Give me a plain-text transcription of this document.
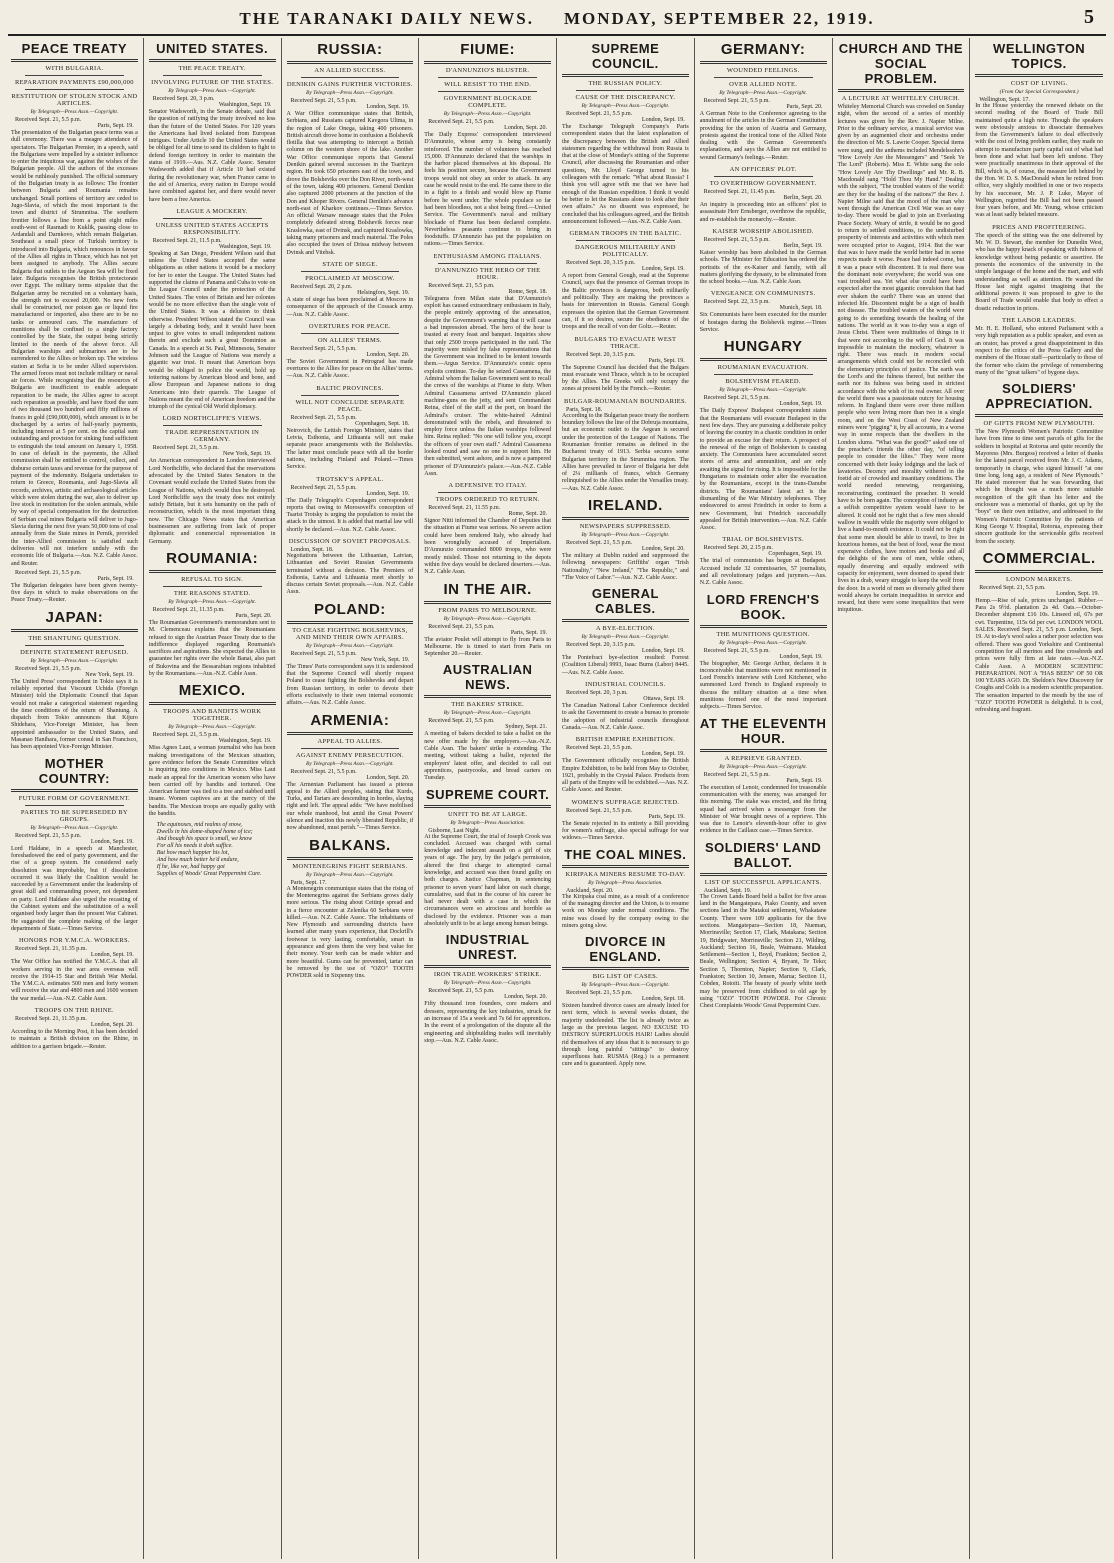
THE TARANAKI DAILY NEWS. MONDAY, SEPTEMBER 22, 1919.	5
PEACE TREATY
WITH BULGARIA.
REPARATION PAYMENTS £90,000,000
RESTITUTION OF STOLEN STOCK AND ARTICLES.
By Telegraph—Press Assn.—Copyright.
Received Sept. 21, 5.5 p.m.
Paris, Sept. 19.

The presentation of the Bulgarian peace terms was a dull ceremony. There was a meagre attendance of spectators. The Bulgarian Premier, in a speech, said the Bulgarians were impelled by a sinister influence to enter the iniquitous war, against the wishes of the Bulgarian people. All the authors of the excesses would be ruthlessly punished. The official summary of the Bulgarian treaty is as follows: The frontier between Bulgaria and Roumania remains unchanged. Small portions of territory are ceded to Jugo-Slavia, of which the most important is the town and district of Strumnitsa. The southern frontier follows a line from a point eight miles south-west of Rasmadi to Kuklik, passing close to Ardandali and Darnkovo, which remain Bulgarian. Southeast a small piece of Turkish territory is introduced into Bulgaria, which renounces in favour of the Allies all rights in Thrace, which has not yet been assigned to anybody. The Allies secure Bulgaria that outlets to the Aegean Sea will be fixed later. Bulgaria recognises the British protectorate over Egypt. The military terms stipulate that the Bulgarian army be recruited on a voluntary basis, the strength not to exceed 20,000. No new forts shall be constructed, nor poison gas or liquid fire manufactured or imported, also there are to be no tanks or armoured cars. The manufacture of munitions shall be confined to a single factory controlled by the State, the output being strictly limited to the needs of the above force. All Bulgarian warships and submarines are to be surrendered to the Allies or broken up. The wireless station at Sofia is to be under Allied supervision. The armed forces must not include military or naval air forces. While recognising that the resources of Bulgaria are insufficient to enable adequate reparation to be made, the Allies agree to accept such reparation as possible, and have fixed the sum of two thousand two hundred and fifty millions of francs in gold (£90,000,000), which amount is to be discharged by a series of half-yearly payments, including interest at 5 per cent. on the capital sum outstanding and provision for sinking fund sufficient to extinguish the total amount on January 1, 1958. In case of default in the payments, the Allied commission shall be entitled to control, collect, and disburse certain taxes and revenue for the purpose of payment of the indemnity. Bulgaria undertakes to return to Greece, Roumania, and Jugo-Slavia all records, archives, artistic and archaeological articles which were stolen during the war, also to deliver up live stock in restitution for the stolen animals, while by way of special compensation for the destruction of Serbian coal mines Bulgaria will deliver to Jugo-Slavia during the next five years 50,000 tons of coal annually from the State mines in Pernik, provided the inter-Allied commission is satisfied such deliveries will not interfere unduly with the economic life of Bulgaria.—Aus. N.Z. Cable Assoc. and Reuter.

Received Sept. 21, 5.5 p.m.
Paris, Sept. 19.

The Bulgarian delegates have been given twenty-five days in which to make observations on the Peace Treaty.—Reuter.

JAPAN:
THE SHANTUNG QUESTION.
DEFINITE STATEMENT REFUSED.
By Telegraph—Press Assn.—Copyright.
Received Sept. 21, 5.5 p.m.
New York, Sept. 19.

The United Press' correspondent in Tokio says it is reliably reported that Viscount Uchida (Foreign Minister) told the Diplomatic Council that Japan would not make a categorical statement regarding the time conditions of the return of Shantung. A dispatch from Tokio announces that Kijuro Shidehara, Vice-Foreign Minister, has been appointed ambassador to the United States, and Masanao Hanihara, former consul in San Francisco, has been appointed Vice-Foreign Minister.

MOTHER COUNTRY:
FUTURE FORM OF GOVERNMENT.
PARTIES TO BE SUPERSEDED BY GROUPS.
By Telegraph—Press Assn.—Copyright.
Received Sept. 21, 5.5 p.m.
London, Sept. 19.

Lord Haldane, in a speech at Manchester, foreshadowed the end of party government, and the rise of a group system. He considered early dissolution was improbable, but if dissolution occurred it was likely the Coalition would be succeeded by a Government under the leadership of great skill and commanding power, not dependent on party. Lord Haldane also urged the recasting of the Cabinet system and the substitution of a well organised body larger than the present War Cabinet. He suggested the complete making of the larger departments of State.—Times Service.

HONORS FOR Y.M.C.A. WORKERS.
Received Sept. 21, 11.35 p.m.
London, Sept. 19.

The War Office has notified the Y.M.C.A. that all workers serving in the war area overseas will receive the 1914-15 Star and British War Medal. The Y.M.C.A. estimates 500 men and forty women will receive the star and 4800 men and 1600 women the war medal.—Aus.-N.Z. Cable Assn.

TROOPS ON THE RHINE.
Received Sept. 21, 11.35 p.m.
London, Sept. 20.

According to the Morning Post, it has been decided to maintain a British division on the Rhine, in addition to a garrison brigade.—Reuter.

UNITED STATES.
THE PEACE TREATY.
INVOLVING FUTURE OF THE STATES.
By Telegraph—Press Assn.—Copyright.
Received Sept. 20, 3 p.m.
Washington, Sept. 19.

Senator Wadsworth, in the Senate debate, said that the question of ratifying the treaty involved no less than the future of the United States. For 120 years the Americans had lived isolated from European intrigues. Under Article 10 the United States would be obliged for all time to send its children to fight to defend foreign territory in order to maintain the status of 1919.—Aus. N.Z. Cable Assoc. Senator Wadsworth added that if Article 10 had existed during the revolutionary war, when France came to the aid of America, every nation in Europe would have combined against her, and there would never have been a free America.

LEAGUE A MOCKERY.
UNLESS UNITED STATES ACCEPTS RESPONSIBILITY.
Received Sept. 21, 11.5 p.m.
Washington, Sept. 19.

Speaking at San Diego, President Wilson said that unless the United States accepted the same obligations as other nations it would be a mockery for her to enter the League. The United States had supported the claims of Panama and Cuba to vote on the League Council under the protection of the United States. The votes of Britain and her colonies would be no more effective than the single vote of the United States. It was a delusion to think otherwise. President Wilson stated the Council was largely a debating body, and it would have been unjust to give votes to small independent nations therein and exclude such a great Dominion as Canada. In a speech at St. Paul, Minnesota, Senator Johnson said the League of Nations was merely a gigantic war trust. It meant that American boys would be obliged to police the world, hold up tottering nations by American blood and bone, and allow European and Japanese nations to drag Americans into their quarrels. The League of Nations meant the end of American freedom and the triumph of the cynical Old World diplomacy.

LORD NORTHCLIFFE'S VIEWS.
TRADE REPRESENTATION IN GERMANY.
Received Sept. 21, 5.5 p.m.
New York, Sept. 19.

An American correspondent in London interviewed Lord Northcliffe, who declared that the reservations advocated by the United States Senators in the Covenant would exclude the United States from the League of Nations, which would thus be destroyed. Lord Northcliffe says the treaty does not entirely satisfy Britain, but it sets humanity on the path of reconstruction, which is the most important thing now. The Chicago News states that American businessmen are suffering from lack of proper diplomatic and commercial representation in Germany.

ROUMANIA:
REFUSAL TO SIGN.
THE REASONS STATED.
By Telegraph—Press Assn.—Copyright.
Received Sept. 21, 11.35 p.m.
Paris, Sept. 20.

The Roumanian Government's memorandum sent to M. Clemenceau explains that the Roumanians refused to sign the Austrian Peace Treaty due to the indifference displayed regarding Roumania's sacrifices and aspirations. She expected the Allies to guarantee her rights over the whole Banat, also part of Bukovina and the Bessarabian regions inhabited by the Roumanians.—Aus.-N.Z. Cable Assn.

MEXICO.
TROOPS AND BANDITS WORK TOGETHER.
By Telegraph—Press Assn.—Copyright.
Received Sept. 21, 5.5 p.m.
Washington, Sept. 19.

Miss Agnes Laut, a woman journalist who has been making investigations of the Mexican situation, gave evidence before the Senate Committee which is inquiring into conditions in Mexico. Miss Laut made an appeal for the American women who have been carried off by bandits and tortured. One American farmer was tied to a tree and stabbed until insane. Women captives are at the mercy of the bandits. The Mexican troops are equally guilty with the bandits.

The equinoxes, mid realms of snow,
Dwells in his dome-shaped home of ice;
And though his space is small, we know
For all his needs it doth suffice.
But how much happier his lot,
And how much better he'd endure,
If he, like we, had happy got
Supplies of Woods' Great Peppermint Cure.
RUSSIA:
AN ALLIED SUCCESS.
DENIKIN GAINS FURTHER VICTORIES.
By Telegraph—Press Assn.—Copyright.
Received Sept. 21, 5.5 p.m.
London, Sept. 19.

A War Office communique states that British, Serbians, and Russians captured Kavgora Ulima, in the region of Lake Onega, taking 400 prisoners. British aircraft drove home in confusion a Bolshevik flotilla that was attempting to intercept a British column on the western shore of the lake. Another War Office communique reports that General Denikin gained several successes in the Tsaritzyn region. He took 650 prisoners east of the town, and drove the Bolsheviks over the Don River, north-west of the town, taking 400 prisoners. General Denikin also captured 2000 prisoners at the junction of the Don and Khoper Rivers. General Denikin's advance north-east of Kharkov continues.—Times Service. An official Warsaw message states that the Poles completely defeated strong Bolshevik forces near Kraslowka, east of Dvinsk, and captured Kraslowka, taking many prisoners and much material. The Poles also occupied the town of Drissa midway between Dvinsk and Vitebsk.

STATE OF SIEGE.
PROCLAIMED AT MOSCOW.
Received Sept. 20, 2 p.m.
Helsingfors, Sept. 19.

A state of siege has been proclaimed at Moscow in consequence of the approach of the Cossack army.—Aus. N.Z. Cable Assoc.

OVERTURES FOR PEACE.
ON ALLIES' TERMS.
Received Sept. 21, 5.5 p.m.
London, Sept. 20.

The Soviet Government in Petrograd has made overtures to the Allies for peace on the Allies' terms.—Aus. N.Z. Cable Assoc.

BALTIC PROVINCES.
WILL NOT CONCLUDE SEPARATE PEACE.
Received Sept. 21, 5.5 p.m.
Copenhagen, Sept. 18.

Neirovich, the Lettish Foreign Minister, states that Letvia, Esthonia, and Lithuania will not make separate peace arrangements with the Bolsheviks. The latter must conclude peace with all the border nations, including Finland and Poland.—Times Service.

TROTSKY'S APPEAL.
Received Sept. 21, 5.5 p.m.
London, Sept. 19.

The Daily Telegraph's Copenhagen correspondent reports that owing to Morosoveff's conception of Tsarist Trotsky is urging the population to resist the attack to the utmost. It is added that martial law will shortly be declared.—Aus. N.Z. Cable Assoc.

DISCUSSION OF SOVIET PROPOSALS.
London, Sept. 18.

Negotiations between the Lithuanian, Latvian, Lithuanian and Soviet Russian Governments terminated without a decision. The Premiers of Esthonia, Latvia and Lithuania meet shortly to discuss certain Soviet proposals.—Aus. N.Z. Cable Assn.

POLAND:
TO CEASE FIGHTING BOLSHEVIKS, AND MIND THEIR OWN AFFAIRS.
By Telegraph—Press Assn.—Copyright.
Received Sept. 21, 5.5 p.m.
New York, Sept. 19.

The Times' Paris correspondent says it is understood that the Supreme Council will shortly request Poland to cease fighting the Bolsheviks and depart from Russian territory, in order to devote their efforts exclusively to their own internal economic affairs.—Aus. N.Z. Cable Assoc.

ARMENIA:
APPEAL TO ALLIES.
AGAINST ENEMY PERSECUTION.
By Telegraph—Press Assn.—Copyright.
Received Sept. 21, 5.5 p.m.
London, Sept. 20.

The Armenian Parliament has issued a piteous appeal to the Allied peoples, stating that Kurds, Turks, and Tartars are descending in hordes, slaying right and left. The appeal adds: "We have mobilised our whole manhood, but amid the Great Powers' silence and inaction this newly liberated Republic, if now abandoned, must perish."—Times Service.

BALKANS.
MONTENEGRINS FIGHT SERBIANS.
By Telegraph—Press Assn.—Copyright.
Paris, Sept. 17.

A Montenegrin communique states that the rising of the Montenegrins against the Serbians grows daily more serious. The rising about Cettinje spread and in a fierce encounter at Zelenika 60 Serbians were killed.—Aus. N.Z. Cable Assoc. The inhabitants of New Plymouth and surrounding districts have learned after many years experience, that Dockrill's footwear is very lasting, comfortable, smart in appearance and gives them the very best value for their money. Your teeth can be made whiter and more beautiful. Gums can be prevented, tartar can be removed by the use of "OZO" TOOTH POWDER sold in Sixpenny tins.

FIUME:
D'ANNUNZIO'S BLUSTER.
WILL RESIST TO THE END.
GOVERNMENT BLOCKADE COMPLETE.
By Telegraph—Press Assn.—Copyright.
Received Sept. 21, 5.5 p.m.
London, Sept. 20.

The Daily Express' correspondent interviewed D'Annunzio, whose army is being constantly reinforced. The number of volunteers has reached 15,000. D'Annunzio declared that the warships in the harbor placed themselves at his disposal. He feels his position secure, because the Government troops would not obey an order to attack. In any case he would resist to the end. He came there to die in a fight to a finish and would blow up Fiume before he went under. The whole populace so far had been bloodless, not a shot being fired.—United Service. The Government's naval and military blockade of Fiume has been declared complete. Nevertheless peasants continue to bring in foodstuffs. D'Annunzio has put the population on rations.—Times Service.

ENTHUSIASM AMONG ITALIANS.
D'ANNUNZIO THE HERO OF THE HOUR.
Received Sept. 21, 5.5 p.m.
Rome, Sept. 18.

Telegrams from Milan state that D'Annunzio's exploit has caused extraordinary enthusiasm in Italy, the people entirely approving of the annexation, despite the Government's warning that it will cause a bad impression abroad. The hero of the hour is toasted at every feast and banquet. Inquiries show that only 2500 troops participated in the raid. The majority were misled by false representations that the Government was inclined to be lenient towards them.—Argus Service. D'Annunzio's comic opera exploits continue. To-day he seized Cassamena, the Admiral whom the Italian Government sent to recall the crews of the warships at Fiume to duty. When Admiral Cassamena arrived D'Annunzio placed machine-guns on the jetty, and sent Commandant Reina, chief of the staff at the port, on board the Admiral's cruiser. The white-haired Admiral demonstrated with the rebels, and threatened to employ force unless the Italian warships followed him. Reina replied: "No one will follow you, except the officers of your own staff." Admiral Cassamena looked round and saw no one to support him. He then submitted, went ashore, and is now a pampered prisoner of D'Annunzio's palace.—Aus.-N.Z. Cable Assn.

A DEFENSIVE TO ITALY.
TROOPS ORDERED TO RETURN.
Received Sept. 21, 11.55 p.m.
Rome, Sept. 20.

Signor Nitti informed the Chamber of Deputies that the situation at Fiume was serious. No severe action could have been rendered Italy, who already had been wrongfully accused of Imperialism. D'Annunzio commanded 8000 troops, who were mostly misled. Those not returning to the depots within five days would be declared deserters.—Aus. N.Z. Cable Assn.

IN THE AIR.
FROM PARIS TO MELBOURNE.
By Telegraph—Press Assn.—Copyright.
Received Sept. 21, 5.5 p.m.
Paris, Sept. 19.

The aviator Poulet will attempt to fly from Paris to Melbourne. He is timed to start from Paris on September 20.—Reuter.

AUSTRALIAN NEWS.
THE BAKERS' STRIKE.
By Telegraph—Press Assn.—Copyright.
Received Sept. 21, 5.5 p.m.
Sydney, Sept. 21.

A meeting of bakers decided to take a ballot on the new offer made by the employers.—Aus.-N.Z. Cable Assn. The bakers' strike is extending. The meeting, without taking a ballot, rejected the employers' latest offer, and decided to call out apprentices, pastrycooks, and bread carters on Tuesday.

SUPREME COURT.
UNFIT TO BE AT LARGE.
By Telegraph—Press Association.
Gisborne, Last Night.

At the Supreme Court, the trial of Joseph Crook was concluded. Accused was charged with carnal knowledge and indecent assault on a girl of six years of age. The jury, by the judge's permission, altered the first charge to attempted carnal knowledge, and accused was then found guilty on both charges. Justice Chapman, in sentencing prisoner to seven years' hard labor on each charge, cumulative, said that in the course of his career he had never dealt with a case in which the circumstances were so atrocious and horrible as disclosed by the evidence. Prisoner was a man absolutely unfit to be at large among human beings.

INDUSTRIAL UNREST.
IRON TRADE WORKERS' STRIKE.
By Telegraph—Press Assn.—Copyright.
Received Sept. 21, 5.5 p.m.
London, Sept. 20.

Fifty thousand iron founders, core makers and dressers, representing the key industries, struck for an increase of 15s a week and 7s 6d for apprentices. In the event of a prolongation of the dispute all the engineering and shipbuilding trades will inevitably stop.—Aus. N.Z. Cable Assoc.

SUPREME COUNCIL.
THE RUSSIAN POLICY.
CAUSE OF THE DISCREPANCY.
By Telegraph—Press Assn.—Copyright.
Received Sept. 21, 5.5 p.m.
London, Sept. 19.

The Exchange Telegraph Company's Paris correspondent states that the latest explanation of the discrepancy between the British and Allied statesmen regarding the withdrawal from Russia is that at the close of Monday's sitting of the Supreme Council, after discussing the Roumanian and other questions, Mr. Lloyd George turned to his colleagues with the remark: "What about Russia? I think you will agree with me that we have had enough of the Russian expedition. I think it would be better to let the Russians alone to look after their own affairs." As no dissent was expressed, he concluded that his colleagues agreed, and the British announcement followed.—Aus.-N.Z. Cable Assn.

GERMAN TROOPS IN THE BALTIC.
DANGEROUS MILITARILY AND POLITICALLY.
Received Sept. 20, 3.15 p.m.
London, Sept. 19.

A report from General Gough, read at the Supreme Council, says that the presence of German troops in the Baltic provinces is dangerous, both militarily and politically. They are making the provinces a basis for intervention in Russia. General Gough expresses the opinion that the German Government can, if it so desires, secure the obedience of the troops and the recall of von der Goltz.—Reuter.

BULGARS TO EVACUATE WEST THRACE.
Received Sept. 20, 3.15 p.m.
Paris, Sept. 19.

The Supreme Council has decided that the Bulgars must evacuate west Thrace, which is to be occupied by the Allies. The Greeks will only occupy the zones at present held by the French.—Reuter.

BULGAR-ROUMANIAN BOUNDARIES.
Paris, Sept. 18.

According to the Bulgarian peace treaty the northern boundary follows the line of the Dobruja mountains, but an economic outlet to the Aegean is secured under the protection of the League of Nations. The Roumanian frontier remains as defined in the Bucharest treaty of 1913. Serbia secures some Bulgarian territory in the Strumnitsa region. The Allies have prevailed in favor of Bulgaria her debt of 2¼ milliards of francs, which Germany relinquished to the Allies under the Versailles treaty.—Aus. N.Z. Cable Assoc.

IRELAND.
NEWSPAPERS SUPPRESSED.
By Telegraph—Press Assn.—Copyright.
Received Sept. 21, 5.5 p.m.
London, Sept. 20.

The military at Dublin raided and suppressed the following newspapers: Griffiths' organ "Irish Nationality," "New Ireland," "The Republic," and "The Voice of Labor."—Aus. N.Z. Cable Assoc.

GENERAL CABLES.
A BYE-ELECTION.
By Telegraph—Press Assn.—Copyright.
Received Sept. 20, 3.15 p.m.
London, Sept. 19.

The Pontefract bye-election resulted: Forrest (Coalition Liberal) 9993, Isaac Burns (Labor) 8445.—Aus. N.Z. Cable Assoc.

INDUSTRIAL COUNCILS.
Received Sept. 20, 3 p.m.
Ottawa, Sept. 19.

The Canadian National Labor Conference decided to ask the Government to create a bureau to promote the adoption of industrial councils throughout Canada.—Aus. N.Z. Cable Assoc.

BRITISH EMPIRE EXHIBITION.
Received Sept. 21, 5.5 p.m.
London, Sept. 19.

The Government officially recognises the British Empire Exhibition, to be held from May to October, 1921, probably in the Crystal Palace. Products from all parts of the Empire will be exhibited.—Aus. N.Z. Cable Assoc. and Reuter.

WOMEN'S SUFFRAGE REJECTED.
Received Sept. 21, 5.5 p.m.
Paris, Sept. 19.

The Senate rejected in its entirety a Bill providing for women's suffrage, also special suffrage for war widows.—Times Service.

THE COAL MINES.
KIRIPAKA MINERS RESUME TO-DAY.
By Telegraph—Press Association.
Auckland, Sept. 20.

The Kiripaka coal mine, as a result of a conference of the managing director and the Union, is to resume work on Monday under normal conditions. The mine was closed by the company owing to the miners going slow.

DIVORCE IN ENGLAND.
BIG LIST OF CASES.
By Telegraph—Press Assn.—Copyright.
Received Sept. 21, 5.5 p.m.
London, Sept. 18.

Sixteen hundred divorce cases are already listed for next term, which is several weeks distant, the majority undefended. The list is already twice as large as the previous largest. NO EXCUSE TO DESTROY SUPERFLUOUS HAIR! Ladies should rid themselves of any ideas that it is necessary to go through long painful "sittings" to destroy superfluous hair. RUSMA (Reg.) is a permanent cure and is guaranteed. Apply now.

GERMANY:
WOUNDED FEELINGS.
OVER ALLIED NOTE.
By Telegraph—Press Assn.—Copyright.
Received Sept. 21, 5.5 p.m.
Paris, Sept. 20.

A German Note to the Conference agreeing to the annulment of the articles in the German Constitution providing for the union of Austria and Germany, protests against the ironical tone of the Allied Note dealing with the German Government's explanations, and says the Allies are not entitled to wound Germany's feelings.—Reuter.

AN OFFICERS' PLOT.
TO OVERTHROW GOVERNMENT.
Received Sept. 21, 11.45 p.m.
Berlin, Sept. 20.

An inquiry is proceeding into an officers' plot to assassinate Herr Ernsberger, overthrow the republic, and re-establish the monarchy.—Reuter.

KAISER WORSHIP ABOLISHED.
Received Sept. 21, 5.5 p.m.
Berlin, Sept. 19.

Kaiser worship has been abolished in the German schools. The Minister for Education has ordered the portraits of the ex-Kaiser and family, with all matters glorifying the dynasty, to be eliminated from the school books.—Aus. N.Z. Cable Assn.

VENGEANCE ON COMMUNISTS.
Received Sept. 22, 3.5 p.m.
Munich, Sept. 18.

Six Communists have been executed for the murder of hostages during the Bolshevik regime.—Times Service.

HUNGARY
ROUMANIAN EVACUATION.
BOLSHEVISM FEARED.
By Telegraph—Press Assn.—Copyright.
Received Sept. 21, 5.5 p.m.
London, Sept. 19.

The Daily Express' Budapest correspondent states that the Roumanians will evacuate Budapest in the next few days. They are pursuing a deliberate policy of leaving the country in a chaotic condition in order to provide an excuse for their return. A prospect of the renewal of the reign of Bolshevism is causing anxiety. The Communists have accumulated secret stores of arms and ammunition, and are only awaiting the signal for rising. It is impossible for the Hungarians to maintain order after the evacuation by the Roumanians, except in the trans-Danube districts. The Roumanians' latest act is the dismantling of the War Ministry telephones. They endeavored to arrest Friedrich in order to form a new Government, but Friedrich successfully appealed for British intervention.—Aus. N.Z. Cable Assoc.

TRIAL OF BOLSHEVISTS.
Received Sept. 20, 2.15 p.m.
Copenhagen, Sept. 19.

The trial of communists has begun at Budapest. Accused include 32 commissaries, 57 journalists, and all revolutionary judges and jurymen.—Aus. N.Z. Cable Assoc.

LORD FRENCH'S BOOK.
THE MUNITIONS QUESTION.
By Telegraph—Press Assn.—Copyright.
Received Sept. 21, 5.5 p.m.
London, Sept. 19.

The biographer, Mr. George Arthur, declares it is inconceivable that munitions were not mentioned in Lord French's interview with Lord Kitchener, who summoned Lord French to England expressly to discuss the military situation at a time when munitions formed one of the most important subjects.—Times Service.

AT THE ELEVENTH HOUR.
A REPRIEVE GRANTED.
By Telegraph—Press Assn.—Copyright.
Received Sept. 21, 5.5 p.m.
Paris, Sept. 19.

The execution of Lenoir, condemned for treasonable communication with the enemy, was arranged for this morning. The stake was erected, and the firing squad had arrived when a messenger from the Minister of War brought news of a reprieve. This was due to Lenoir's eleventh-hour offer to give evidence in the Caillaux case.—Times Service.

SOLDIERS' LAND BALLOT.
LIST OF SUCCESSFUL APPLICANTS.
Auckland, Sept. 19.

The Crown Lands Board held a ballot for five areas land in the Mangatepara, Piako County, and seven sections land in the Matakui settlement, Whakatane County. There were 109 applicants for the five sections. Mangatepara—Section 18, Nueman, Morrinsville; Section 17, Clark, Matakana; Section 19, Bridgwater, Morrinsville; Section 21, Wilding, Auckland; Section 16, Beale, Waimanu. Matakui Settlement—Section 1, Boyd, Frankton; Section 2, Beale, Wellington; Section 4, Bryant, Te Teko; Section 5, Thornton, Napier; Section 9, Clark, Frankston; Section 10, Jensen, Marua; Section 11, Cobden, Rotoiti. The beauty of pearly white teeth may be preserved from childhood to old age by using "OZO" TOOTH POWDER. For Chronic Chest Complaints Woods' Great Peppermint Cure.

CHURCH AND THE SOCIAL PROBLEM.
A LECTURE AT WHITELEY CHURCH.

Whiteley Memorial Church was crowded on Sunday night, when the second of a series of monthly lectures was given by the Rev. J. Napier Milne. Prior to the ordinary service, a musical service was given by an augmented choir and orchestra under the direction of Mr. S. Lawrie Cooper. Special items were sung, and the anthems included Mendelssohn's "How Lovely Are the Messengers" and "Seek Ye The Lord" (Roberts). Miss E. White sang the solo "How Lovely Are Thy Dwellings" and Mr. R. B. Macdonald sang "Hold Thou My Hand." Dealing with the subject, "The troubled waters of the world: are they for the healing of the nations?" the Rev. J. Napier Milne said that the mood of the man who went through the American Civil War was so easy to-day. There would be glad to join an Everlasting Peace Society. Weary of strife, it would be no good to return to settled conditions, to the undisturbed prosperity of interests and activities with which men were occupied prior to August, 1914. But the war that was to have made the world better had in some respects made it worse. Peace had indeed come, but it was a peace with discontent. It is real there was the dominant note everywhere; the world was one vast troubled sea. Yet what else could have been expected after the most gigantic convulsion that had ever shaken the earth? There was an unrest that infected life. Discontent might be a sign of health not disease. The troubled waters of the world were going to do something towards the healing of the nations. The world as it was to-day was a sign of Jesus Christ. There were multitudes of things in it that were not according to the will of God. It was impossible to maintain the mockery, whatever is right. There was much in modern social arrangements which could not be reconciled with the elementary principles of justice. The earth was the Lord's and the fulness thereof, but neither the earth nor its fulness was being used in strictest accordance with the wish of its real owner. All over the world there was a passionate outcry for housing reform. In England there were over three million people who were living more than two in a single room, and on the West Coast of New Zealand miners were "pigging" it, by all accounts, in a worse way in some respects than the dwellers in the London slums. "What was the good?" asked one of the preacher's friends the other day, "of telling people to consider the lilies." They were more concerned with their leaky lodgings and the lack of lavatories. Decency and morality withered in the foetid air of crowded and insanitary conditions. The world needed renewing, reorganising, reconstructing, continued the preacher. It would have to be born again. The conception of industry as a selfish competitive system would have to be altered. It could not be right that a few men should wallow in wealth while the majority were obliged to live a hand-to-mouth existence. It could not be right that some men should be able to travel, to live in luxurious homes, eat the best of food, wear the most expensive clothes, have motors and books and all the delights of the sons of men, while others, equally deserving and equally endowed with capacity for enjoyment, were doomed to spend their lives in a drab, weary struggle to keep the wolf from the door. In a world of men so diversely gifted there would always be certain inequalities in service and reward, but there were some inequalities that were iniquitous.

WELLINGTON TOPICS.
COST OF LIVING.
(From Our Special Correspondent.)
Wellington, Sept. 17.

In the House yesterday the renewed debate on the second reading of the Board of Trade Bill maintained quite a high note. Though the speakers were obviously anxious to dissociate themselves from the Government's failure to deal effectively with the cost of living problem earlier, they made no attempt to manufacture party capital out of what had been done and what had been left undone. They were practically unanimous in their approval of the Bill, which is, of course, the measure left behind by the Hon. W. D. S. MacDonald when he retired from office, very slightly modified in one or two respects by his successor, Mr. J. P. Luke, Mayor of Wellington, regretted the Bill had not been passed four years before, and Mr. Young, whose criticism was at least sadly belated measure.

PRICES AND PROFITEERING.

The speech of the sitting was the one delivered by Mr. W. D. Stewart, the member for Dunedin West, who has the happy knack of speaking with fulness of knowledge without being pedantic or assertive. He presents the economics of the university in the simple language of the home and the mart, and with understanding as well as attention. He warned the House last night against imagining that the additional powers it was proposed to give to the Board of Trade would enable that body to effect a drastic reduction in prices.

THE LABOR LEADERS.

Mr. H. E. Holland, who entered Parliament with a very high reputation as a public speaker, and even as an orator, has proved a great disappointment in this respect to the critics of the Press Gallery and the members of the House staff—particularly to those of the former who claim the privilege of remembering many of the "great talkers" of bygone days.

SOLDIERS' APPRECIATION.
OF GIFTS FROM NEW PLYMOUTH.

The New Plymouth Women's Patriotic Committee have from time to time sent parcels of gifts for the soldiers in hospital at Rotorua and quite recently the Mayoress (Mrs. Burgess) received a letter of thanks for the latest parcel received from Mr. J. C. Adams, temporarily in charge, who signed himself "at one time long, long ago, a resident of New Plymouth." He stated moreover that he was forwarding that which he thought was a much more suitable recognition of the gift than his letter and the enclosure was a memorial of thanks, got up by the "boys" on their own initiative, and addressed to the Women's Patriotic Committee by the patients of King George V. Hospital, Rotorua, expressing their sincere gratitude for the serviceable gifts received from the society.

COMMERCIAL.
LONDON MARKETS.
Received Sept. 21, 5.5 p.m.
London, Sept. 19.

Hemp.—Rise of sale, prices unchanged. Rubber.—Para 2s 9½d. plantation 2s 4d. Oats.—October-December shipment £16 10s. Linseed oil, 67s per cwt. Turpentine, 115s 6d per cwt. LONDON WOOL SALES. Received Sept. 21, 5.5 p.m. London, Sept. 19. At to-day's wool sales a rather poor selection was offered. There was good Yorkshire and Continental competition for all merinos and fine crossbreds and prices were fully firm at late rates.—Aus.-N.Z. Cable Assn. A MODERN SCIENTIFIC PREPARATION. NOT A "HAS BEEN" OF 50 OR 100 YEARS AGO. Dr. Sheldon's New Discovery for Coughs and Colds is a modern scientific preparation. The sensation imparted to the mouth by the use of "OZO" TOOTH POWDER is delightful. It is cool, refreshing and fragrant.
